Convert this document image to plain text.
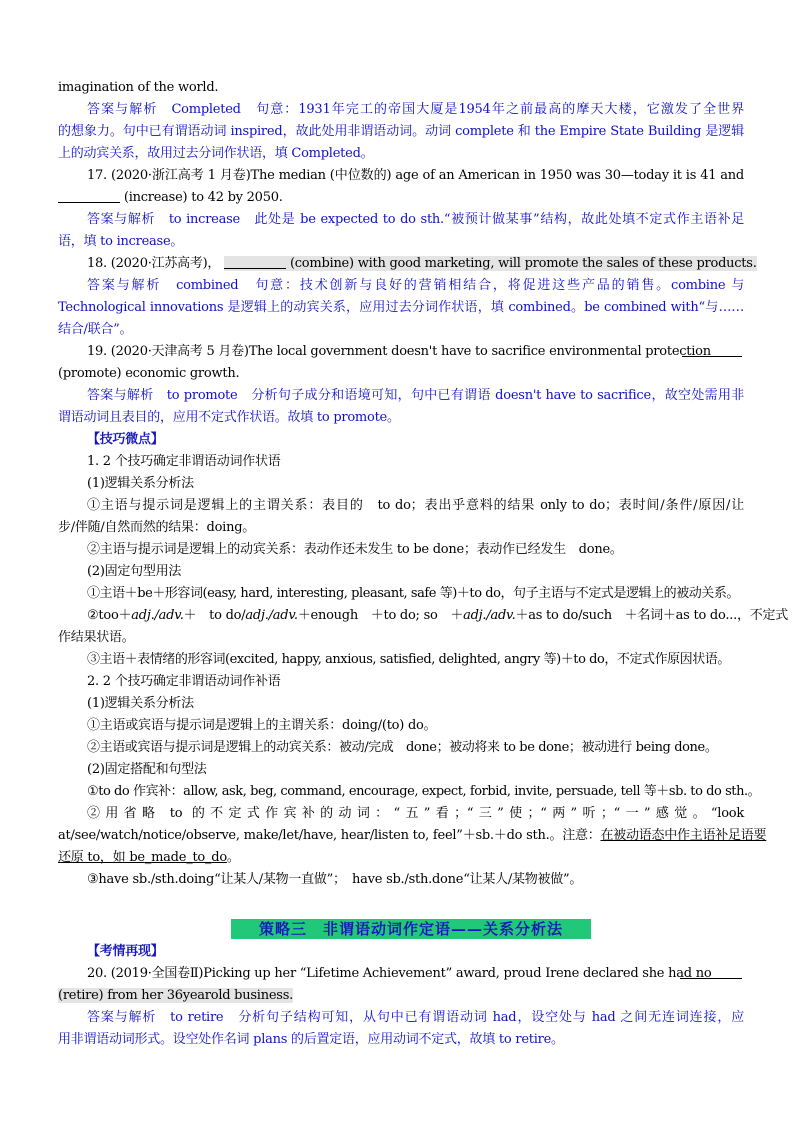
imagination of the world.
答案与解析　Completed　句意：1931年完工的帝国大厦是1954年之前最高的摩天大楼，它激发了全世界
的想象力。句中已有谓语动词 inspired，故此处用非谓语动词。动词 complete 和 the Empire State Building 是逻辑
上的动宾关系，故用过去分词作状语，填 Completed。
17. (2020·浙江高考 1 月卷)The median (中位数的) age of an American in 1950 was 30—today it is 41 and
(increase) to 42 by 2050.
答案与解析　to increase　此处是 be expected to do sth.“被预计做某事”结构，故此处填不定式作主语补足
语，填 to increase。
18. (2020·江苏高考)，	(combine) with good marketing, will promote the sales of these products.
答案与解析　combined　句意：技术创新与良好的营销相结合，将促进这些产品的销售。combine 与
Technological innovations 是逻辑上的动宾关系，应用过去分词作状语，填 combined。be combined with“与……
结合/联合”。
19. (2020·天津高考 5 月卷)The local government doesn't have to sacrifice environmental protection
(promote) economic growth.
答案与解析　to promote　分析句子成分和语境可知，句中已有谓语 doesn't have to sacrifice，故空处需用非
谓语动词且表目的，应用不定式作状语。故填 to promote。
【技巧微点】
1. 2 个技巧确定非谓语动词作状语
(1)逻辑关系分析法
①主语与提示词是逻辑上的主谓关系：表目的　to do；表出乎意料的结果 only to do；表时间/条件/原因/让
步/伴随/自然而然的结果：doing。
②主语与提示词是逻辑上的动宾关系：表动作还未发生 to be done；表动作已经发生　done。
(2)固定句型用法
①主语＋be＋形容词(easy, hard, interesting, pleasant, safe 等)＋to do，句子主语与不定式是逻辑上的被动关系。
②too＋adj./adv.＋　to do/adj./adv.＋enough　＋to do; so　＋adj./adv.＋as to do/such　＋名词＋as to do...，不定式
作结果状语。
③主语＋表情绪的形容词(excited, happy, anxious, satisfied, delighted, angry 等)＋to do，不定式作原因状语。
2. 2 个技巧确定非谓语动词作补语
(1)逻辑关系分析法
①主语或宾语与提示词是逻辑上的主谓关系：doing/(to) do。
②主语或宾语与提示词是逻辑上的动宾关系：被动/完成　done；被动将来 to be done；被动进行 being done。
(2)固定搭配和句型法
①to do 作宾补：allow, ask, beg, command, encourage, expect, forbid, invite, persuade, tell 等＋sb. to do sth.。
②用省略 to 的不定式作宾补的动词：“五”看；“三”使；“两”听；“一”感觉。“look
at/see/watch/notice/observe, make/let/have, hear/listen to, feel”＋sb.＋do sth.。注意：在被动语态中作主语补足语要
还原 to，如 be_made_to_do。
③have sb./sth.doing“让某人/某物一直做”；　have sb./sth.done“让某人/某物被做”。
策略三　非谓语动词作定语——关系分析法
【考情再现】
20. (2019·全国卷Ⅱ)Picking up her “Lifetime Achievement” award, proud Irene declared she had no
(retire) from her 36yearold business.
答案与解析　to retire　分析句子结构可知，从句中已有谓语动词 had，设空处与 had 之间无连词连接，应
用非谓语动词形式。设空处作名词 plans 的后置定语，应用动词不定式，故填 to retire。
